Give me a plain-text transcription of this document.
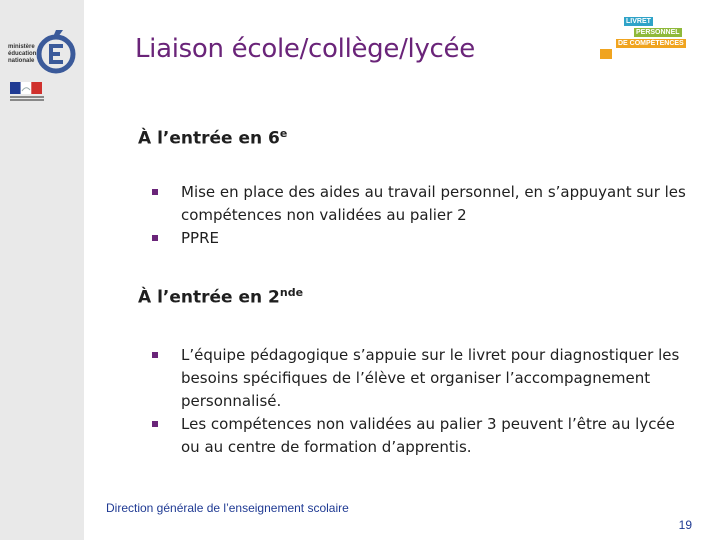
ministère
éducation
nationale	Liaison école/collège/lycée
LIVRET
PERSONNEL
DE COMPÉTENCES
À l’entrée en 6e
Mise en place des aides au travail personnel, en s’appuyant sur les compétences non validées au palier 2
PPRE
À l’entrée en 2nde
L’équipe pédagogique s’appuie sur le livret pour diagnostiquer les besoins spécifiques de l’élève et organiser l’accompagnement personnalisé.
Les compétences non validées au palier 3 peuvent l’être au lycée ou au centre de formation d’apprentis.
Direction générale de l’enseignement scolaire
19
